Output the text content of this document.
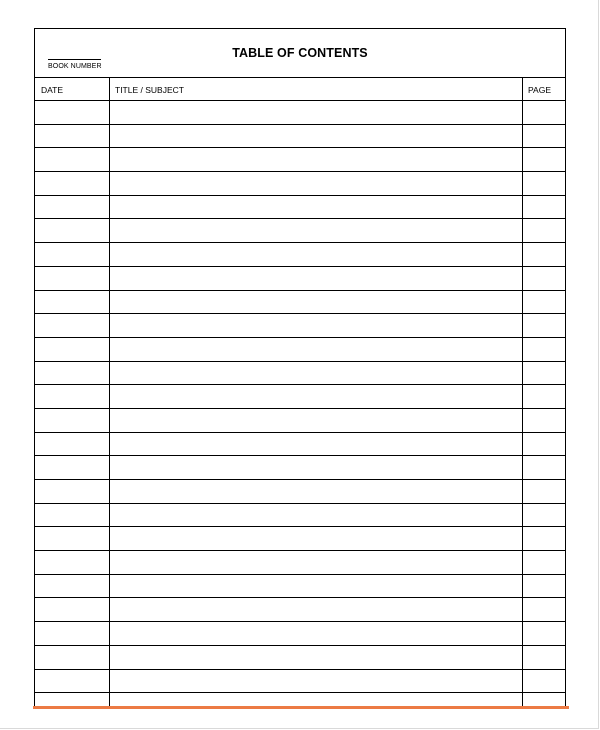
BOOK NUMBER
TABLE OF CONTENTS
DATE	TITLE / SUBJECT	PAGE
